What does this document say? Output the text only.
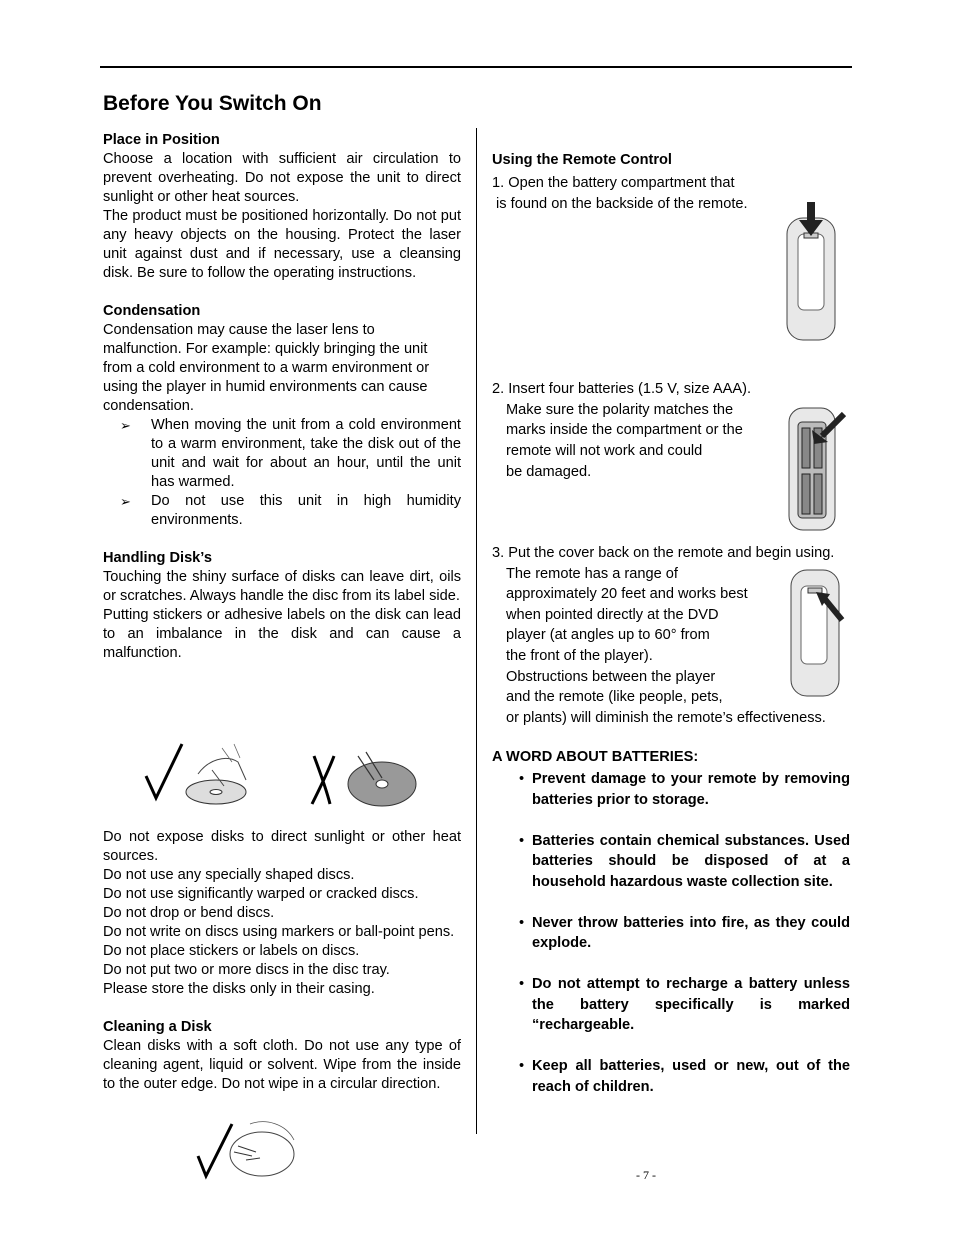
Before You Switch On

Place in Position

Choose a location with sufficient air circulation to prevent overheating. Do not expose the unit to direct sunlight or other heat sources.

The product must be positioned horizontally. Do not put any heavy objects on the housing. Protect the laser unit against dust and if necessary, use a cleansing disk. Be sure to follow the operating instructions.

Condensation

Condensation may cause the laser lens to

malfunction. For example: quickly bringing the unit

from a cold environment to a warm environment or

using the player in humid environments can cause

condensation.

➢ When moving the unit from a cold environment to a warm environment, take the disk out of the unit and wait for about an hour, until the unit has warmed.
➢ Do not use this unit in high humidity environments.

Handling Disk’s

Touching the shiny surface of disks can leave dirt, oils or scratches. Always handle the disc from its label side.

Putting stickers or adhesive labels on the disk can lead to an imbalance in the disk and can cause a malfunction.

Do not expose disks to direct sunlight or other heat sources.

Do not use any specially shaped discs.

Do not use significantly warped or cracked discs.

Do not drop or bend discs.

Do not write on discs using markers or ball-point pens.

Do not place stickers or labels on discs.

Do not put two or more discs in the disc tray.

Please store the disks only in their casing.

Cleaning a Disk

Clean disks with a soft cloth. Do not use any type of cleaning agent, liquid or solvent. Wipe from the inside to the outer edge. Do not wipe in a circular direction.

Using the Remote Control

1. Open the battery compartment that
is found on the backside of the remote.
2. Insert four batteries (1.5 V, size AAA).
Make sure the polarity matches the
marks inside the compartment or the
remote will not work and could
be damaged.
3. Put the cover back on the remote and begin using.
The remote has a range of
approximately 20 feet and works best
when pointed directly at the DVD
player (at angles up to 60° from
the front of the player).
Obstructions between the player
and the remote (like people, pets,
or plants) will diminish the remote’s effectiveness.

A WORD ABOUT BATTERIES:

• Prevent damage to your remote by removing batteries prior to storage.
• Batteries contain chemical substances. Used batteries should be disposed of at a household hazardous waste collection site.
• Never throw batteries into fire, as they could explode.
• Do not attempt to recharge a battery unless the battery specifically is marked “rechargeable.
• Keep all batteries, used or new, out of the reach of children.
- 7 -
